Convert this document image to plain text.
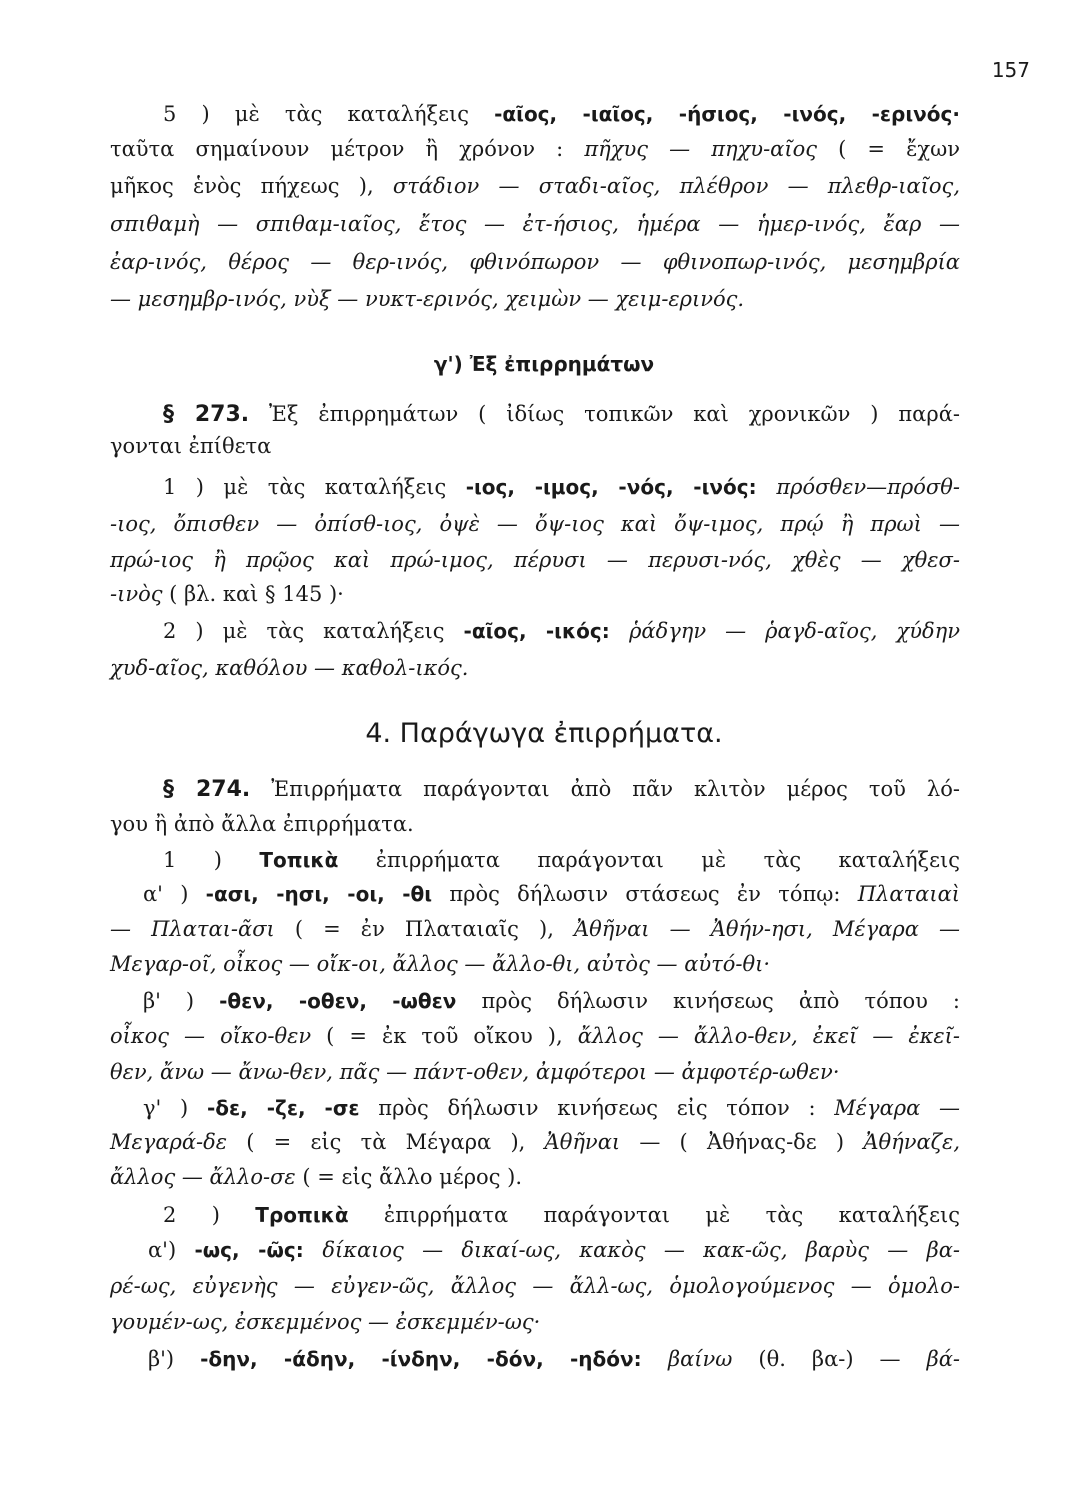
157
5 ) μὲ τὰς καταλήξεις -αῖος, -ιαῖος, -ήσιος, -ινός, -ερινός·
ταῦτα σημαίνουν μέτρον ἢ χρόνον : πῆχυς — πηχυ-αῖος ( = ἔχων
μῆκος ἑνὸς πήχεως ), στάδιον — σταδι-αῖος, πλέθρον — πλεθρ-ιαῖος,
σπιθαμὴ — σπιθαμ-ιαῖος, ἔτος — ἐτ-ήσιος, ἡμέρα — ἡμερ-ινός, ἔαρ —
ἐαρ-ινός, θέρος — θερ-ινός, φθινόπωρον — φθινοπωρ-ινός, μεσημβρία
— μεσημβρ-ινός, νὺξ — νυκτ-ερινός, χειμὼν — χειμ-ερινός.
γ') Ἐξ ἐπιρρημάτων
§ 273. Ἐξ ἐπιρρημάτων ( ἰδίως τοπικῶν καὶ χρονικῶν ) παρά-
γονται ἐπίθετα
1 ) μὲ τὰς καταλήξεις -ιος, -ιμος, -νός, -ινός: πρόσθεν—πρόσθ-
-ιος, ὄπισθεν — ὀπίσθ-ιος, ὀψὲ — ὄψ-ιος καὶ ὄψ-ιμος, πρῴ ἢ πρωὶ —
πρώ-ιος ἢ πρῷος καὶ πρώ-ιμος, πέρυσι — περυσι-νός, χθὲς — χθεσ-
-ινὸς ( βλ. καὶ § 145 )·
2 ) μὲ τὰς καταλήξεις -αῖος, -ικός: ῥάδγην — ῥαγδ-αῖος, χύδην
χυδ-αῖος, καθόλου — καθολ-ικός.
4. Παράγωγα ἐπιρρήματα.
§ 274. Ἐπιρρήματα παράγονται ἀπὸ πᾶν κλιτὸν μέρος τοῦ λό-
γου ἢ ἀπὸ ἄλλα ἐπιρρήματα.
1 ) Τοπικὰ ἐπιρρήματα παράγονται μὲ τὰς καταλήξεις
α' ) -ασι, -ησι, -οι, -θι πρὸς δήλωσιν στάσεως ἐν τόπῳ: Πλαταιαὶ
— Πλαται-ᾶσι ( = ἐν Πλαταιαῖς ), Ἀθῆναι — Ἀθήν-ησι, Μέγαρα —
Μεγαρ-οῖ, οἶκος — οἴκ-οι, ἄλλος — ἄλλο-θι, αὐτὸς — αὐτό-θι·
β' ) -θεν, -οθεν, -ωθεν πρὸς δήλωσιν κινήσεως ἀπὸ τόπου :
οἶκος — οἴκο-θεν ( = ἐκ τοῦ οἴκου ), ἄλλος — ἄλλο-θεν, ἐκεῖ — ἐκεῖ-
θεν, ἄνω — ἄνω-θεν, πᾶς — πάντ-οθεν, ἀμφότεροι — ἀμφοτέρ-ωθεν·
γ' ) -δε, -ζε, -σε πρὸς δήλωσιν κινήσεως εἰς τόπον : Μέγαρα —
Μεγαρά-δε ( = εἰς τὰ Μέγαρα ), Ἀθῆναι — ( Ἀθήνας-δε ) Ἀθήναζε,
ἄλλος — ἄλλο-σε ( = εἰς ἄλλο μέρος ).
2 ) Τροπικὰ ἐπιρρήματα παράγονται μὲ τὰς καταλήξεις
α') -ως, -ῶς: δίκαιος — δικαί-ως, κακὸς — κακ-ῶς, βαρὺς — βα-
ρέ-ως, εὐγενὴς — εὐγεν-ῶς, ἄλλος — ἄλλ-ως, ὁμολογούμενος — ὁμολο-
γουμέν-ως, ἐσκεμμένος — ἐσκεμμέν-ως·
β') -δην, -άδην, -ίνδην, -δόν, -ηδόν: βαίνω (θ. βα-) — βά-
